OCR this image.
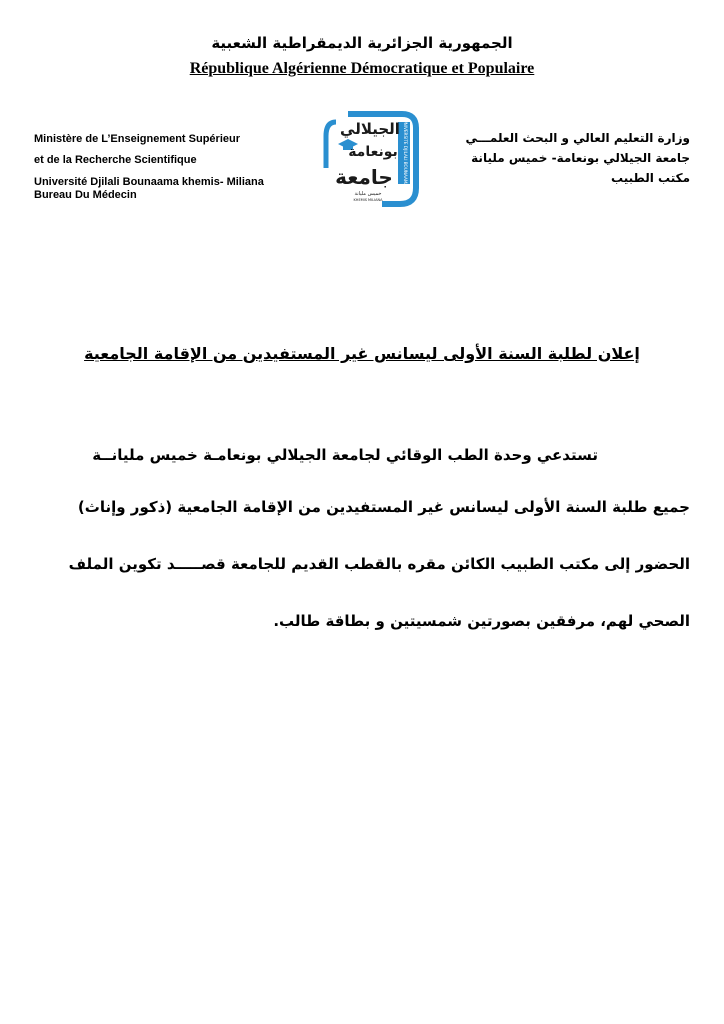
الجمهورية الجزائرية الديمقراطية الشعبية
République Algérienne Démocratique et Populaire
Ministère de L’Enseignement Supérieur
et de la Recherche Scientifique
Université Djilali Bounaama khemis- Miliana
Bureau Du Médecin
وزارة التعليم العالي و البحث العلمـــي
جامعة الجيلالي بونعامة- خميس مليانة
مكتب الطبيب
UNIVERSITE DJILALI BOUNAAMA
الجيلالي
بونعامة
جامعة
خميس مليانة
KHEMIS MILIANA
إعلان لطلبة السنة الأولى ليسانس غير المستفيدين من الإقامة الجامعية
تستدعي وحدة الطب الوقائي لجامعة الجيلالي بونعامـة خميس مليانــة
جميع طلبة السنة الأولى ليسانس غير المستفيدين من الإقامة الجامعية (ذكور وإناث)
الحضور إلى مكتب الطبيب الكائن مقره بالقطب القديم للجامعة قصـــــد تكوين الملف
الصحي لهم، مرفقين بصورتين شمسيتين و بطاقة طالب.
